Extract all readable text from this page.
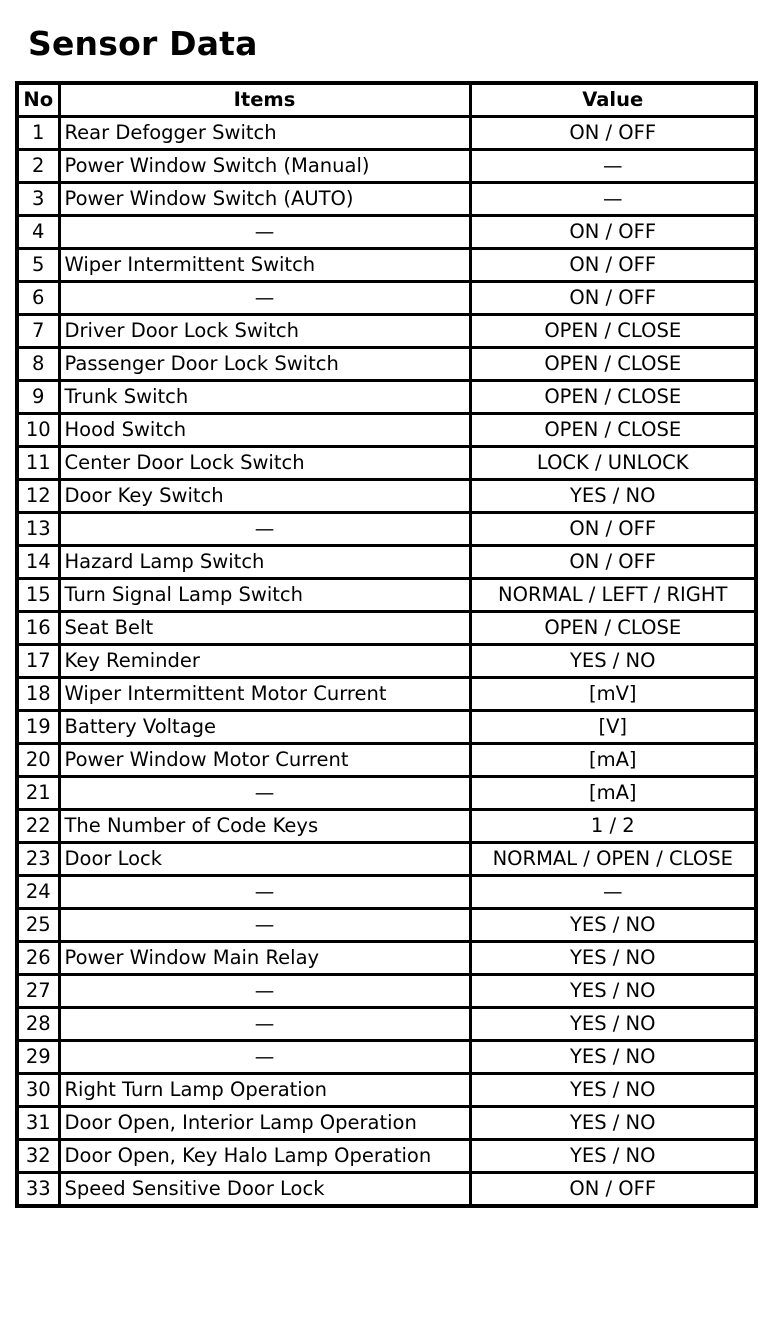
Sensor Data
No	Items	Value
1	Rear Defogger Switch	ON / OFF
2	Power Window Switch (Manual)	—
3	Power Window Switch (AUTO)	—
4	—	ON / OFF
5	Wiper Intermittent Switch	ON / OFF
6	—	ON / OFF
7	Driver Door Lock Switch	OPEN / CLOSE
8	Passenger Door Lock Switch	OPEN / CLOSE
9	Trunk Switch	OPEN / CLOSE
10	Hood Switch	OPEN / CLOSE
11	Center Door Lock Switch	LOCK / UNLOCK
12	Door Key Switch	YES / NO
13	—	ON / OFF
14	Hazard Lamp Switch	ON / OFF
15	Turn Signal Lamp Switch	NORMAL / LEFT / RIGHT
16	Seat Belt	OPEN / CLOSE
17	Key Reminder	YES / NO
18	Wiper Intermittent Motor Current	[mV]
19	Battery Voltage	[V]
20	Power Window Motor Current	[mA]
21	—	[mA]
22	The Number of Code Keys	1 / 2
23	Door Lock	NORMAL / OPEN / CLOSE
24	—	—
25	—	YES / NO
26	Power Window Main Relay	YES / NO
27	—	YES / NO
28	—	YES / NO
29	—	YES / NO
30	Right Turn Lamp Operation	YES / NO
31	Door Open, Interior Lamp Operation	YES / NO
32	Door Open, Key Halo Lamp Operation	YES / NO
33	Speed Sensitive Door Lock	ON / OFF
